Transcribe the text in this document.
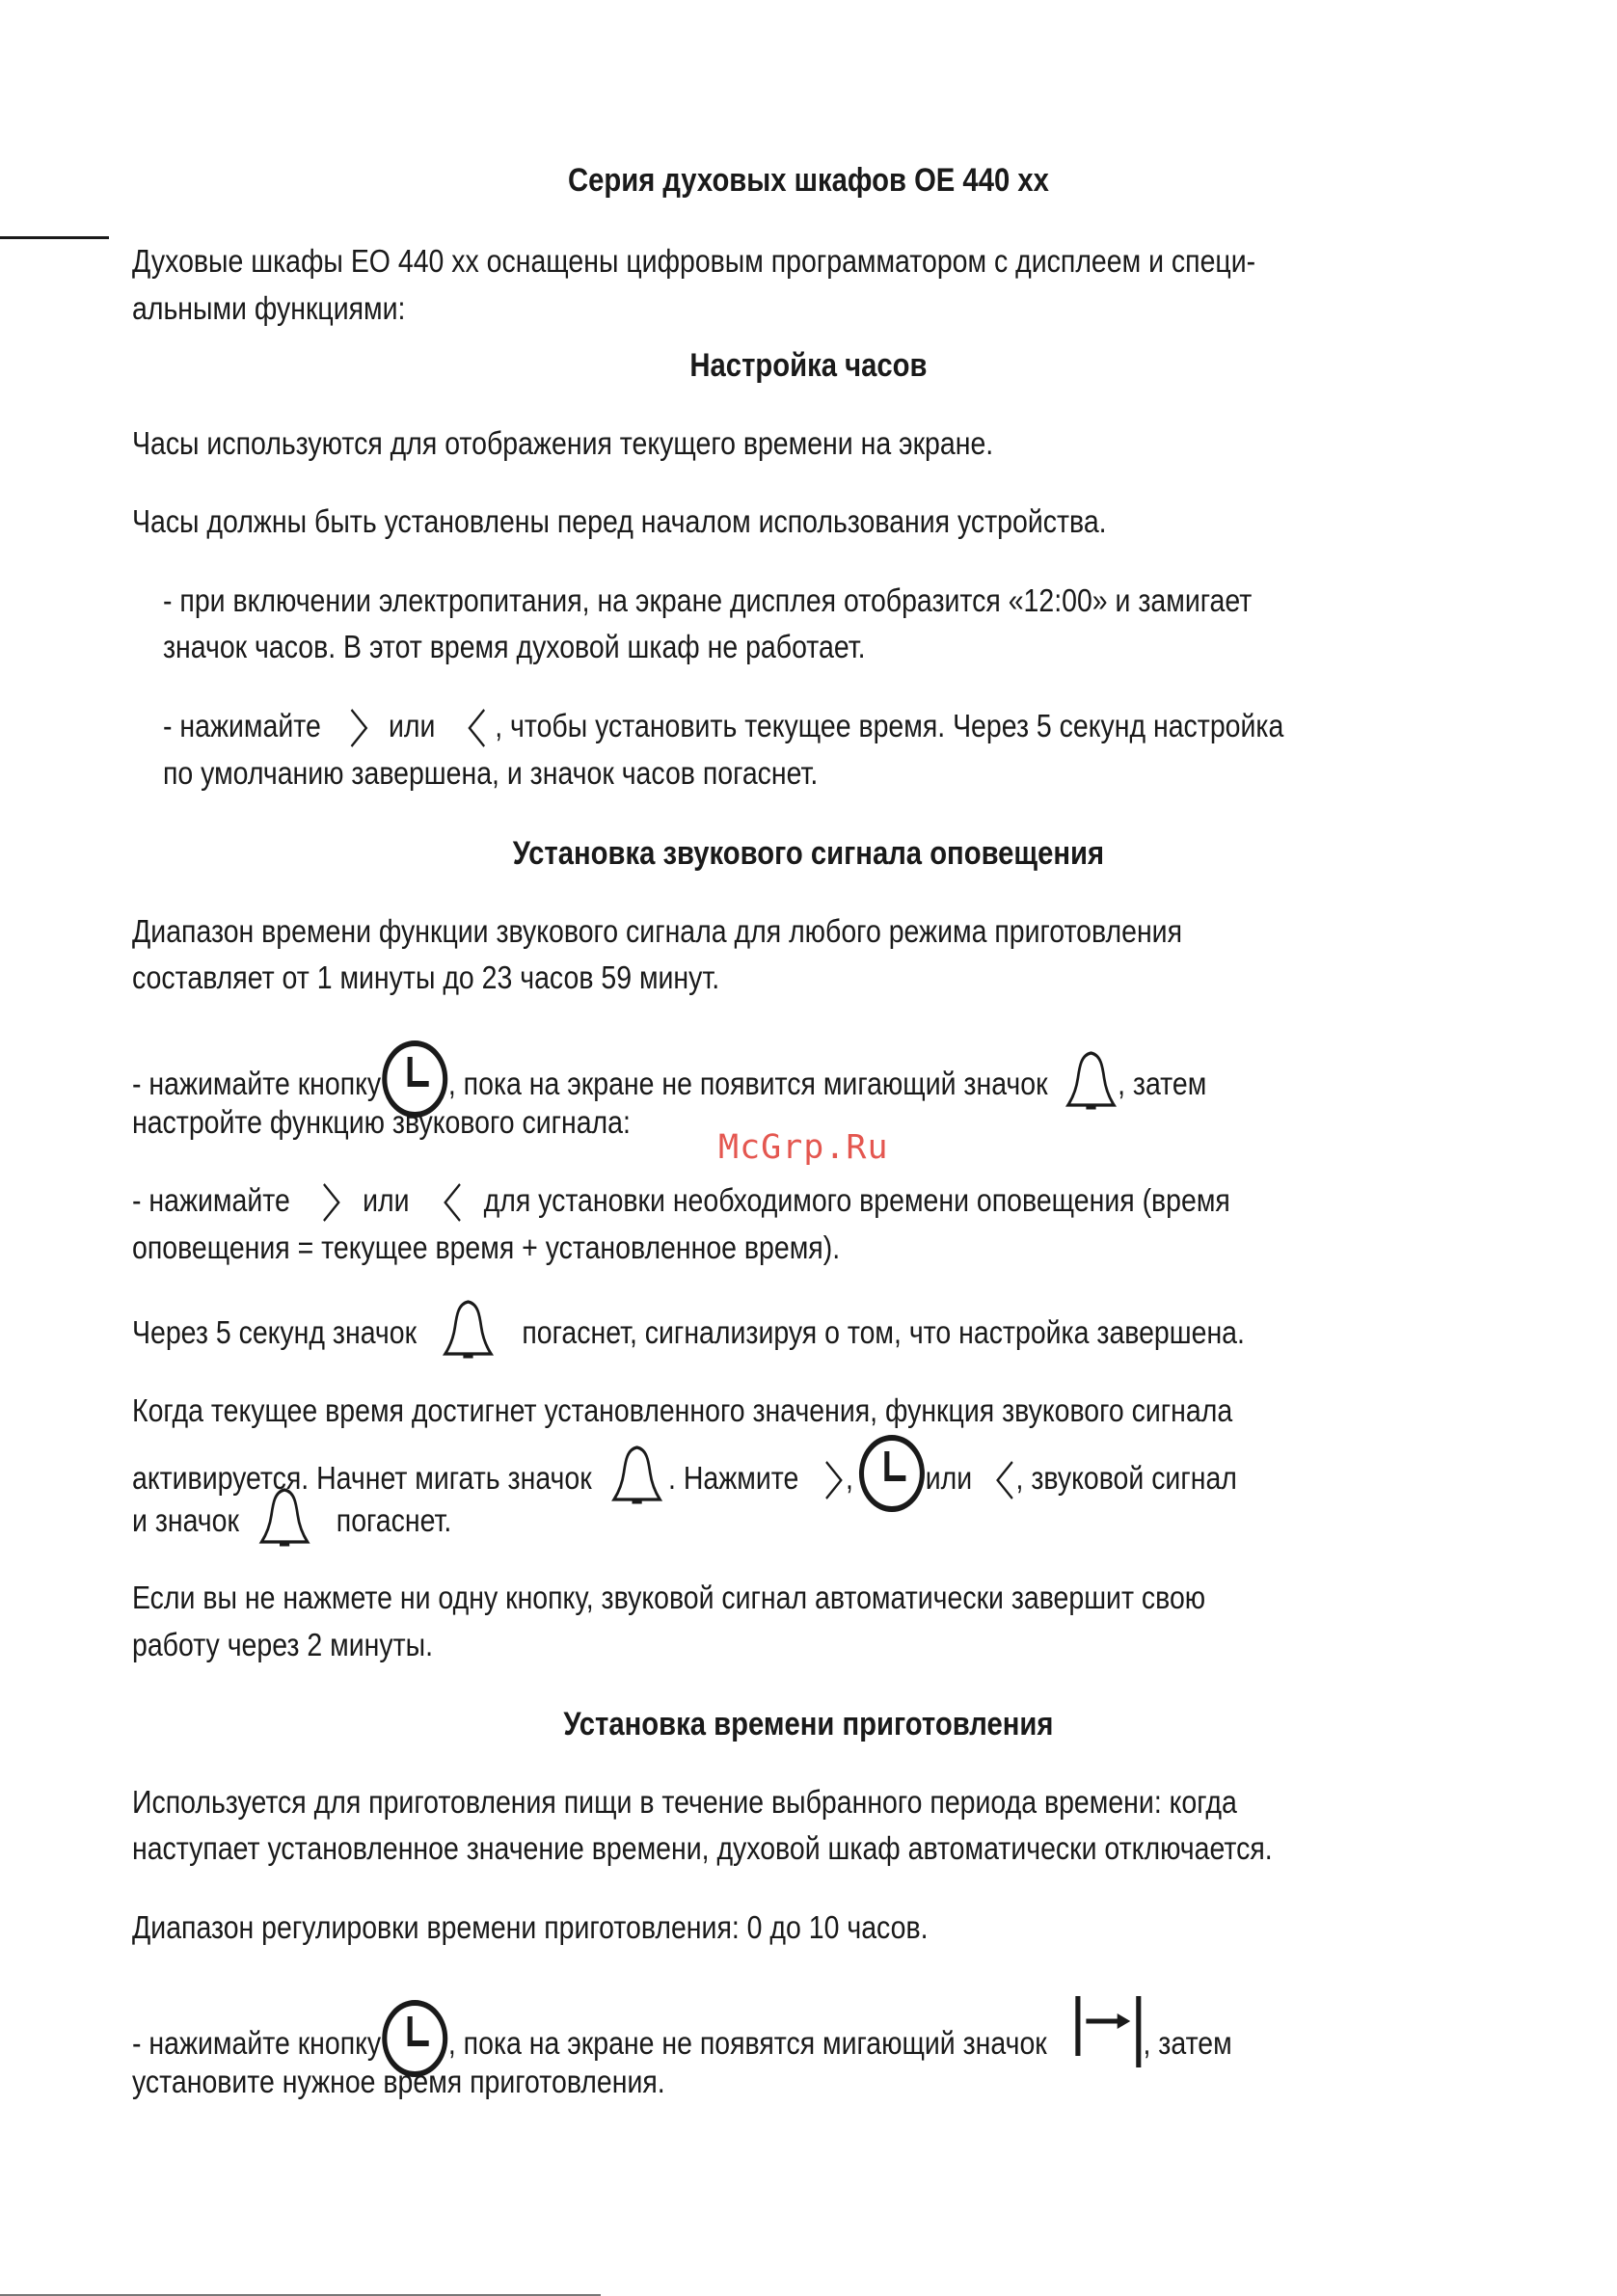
Серия духовых шкафов OE 440 xx
Духовые шкафы EO 440 xx оснащены цифровым программатором с дисплеем и специ-
альными функциями:
Настройка часов
Часы используются для отображения текущего времени на экране.
Часы должны быть установлены перед началом использования устройства.
- при включении электропитания, на экране дисплея отобразится «12:00» и замигает
значок часов. В этот время духовой шкаф не работает.
- нажимайте или , чтобы установить текущее время. Через 5 секунд настройка
по умолчанию завершена, и значок часов погаснет.
Установка звукового сигнала оповещения
Диапазон времени функции звукового сигнала для любого режима приготовления
составляет от 1 минуты до 23 часов 59 минут.
- нажимайте кнопку , пока на экране не появится мигающий значок , затем
настройте функцию звукового сигнала:
- нажимайте или для установки необходимого времени оповещения (время
оповещения = текущее время + установленное время).
Через 5 секунд значок	погаснет, сигнализируя о том, что настройка завершена.
Когда текущее время достигнет установленного значения, функция звукового сигнала
активируется. Начнет мигать значок . Нажмите , или , звуковой сигнал
и значок	погаснет.
Если вы не нажмете ни одну кнопку, звуковой сигнал автоматически завершит свою
работу через 2 минуты.
Установка времени приготовления
Используется для приготовления пищи в течение выбранного периода времени: когда
наступает установленное значение времени, духовой шкаф автоматически отключается.
Диапазон регулировки времени приготовления: 0 до 10 часов.
- нажимайте кнопку , пока на экране не появятся мигающий значок	, затем
установите нужное время приготовления.
McGrp.Ru
